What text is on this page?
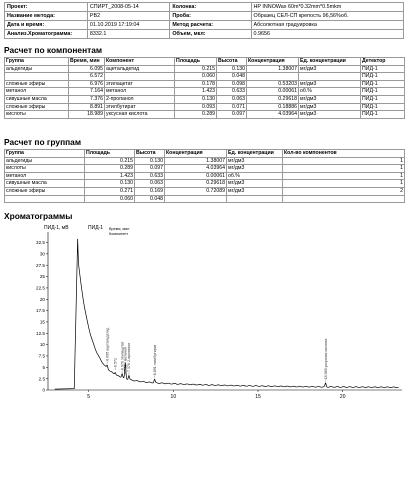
Проект:	СПИРТ_2008-05-14	Колонка:	HP INNOWax 60m*0.32mm*0.5mkm
Название метода:	PB2	Проба:	Образец СЕЛ-СП крепость 96,56%об.
Дата и время:	01.10.2019 17:19:04	Метод расчета:	Абсолютная градуировка
Анализ.Хроматограмма:	8332.1	Объем, мкл:	0.9656
Расчет по компонентам
Группа	Время, мин	Компонент	Площадь	Высота	Концентрация	Ед. концентрации	Детектор
альдегиды	6.095	ацетальдегид	0.215	0.130	1.38007	мг/дм3	ПИД-1
	6.572		0.060	0.048			ПИД-1
сложные эфиры	6.976	этилацетат	0.178	0.098	0.53203	мг/дм3	ПИД-1
метанол	7.164	метанол	1.423	0.633	0.00061	об.%	ПИД-1
сивушные масла	7.376	2-пропанол	0.130	0.063	0.29618	мг/дм3	ПИД-1
сложные эфиры	8.891	этилбутират	0.093	0.071	0.18886	мг/дм3	ПИД-1
кислоты	18.989	уксусная кислота	0.289	0.097	4.03964	мг/дм3	ПИД-1
Расчет по группам
Группа	Площадь	Высота	Концентрация	Ед. концентрации	Кол-во компонентов
альдегиды	0.215	0.130	1.38007	мг/дм3	1
кислоты	0.289	0.097	4.03964	мг/дм3	1
метанол	1.423	0.633	0.00061	об.%	1
сивушные масла	0.130	0.063	0.29618	мг/дм3	1
сложные эфиры	0.271	0.169	0.72089	мг/дм3	2
	0.060	0.048			
Хроматограммы
ПИД-1, мВ	ПИД-1 Время, мин
Компонент
32.5
30
27.5
25
22.5
20
17.5
15
12.5
10
7.5
5
2.5
0
5	10	15	20
6.095 ацетальдегид
6.572 6.976 этилацетат 7.164 метанол 7.376 2-пропанол	8.891 этилбутират	18.989 уксусная кислота
